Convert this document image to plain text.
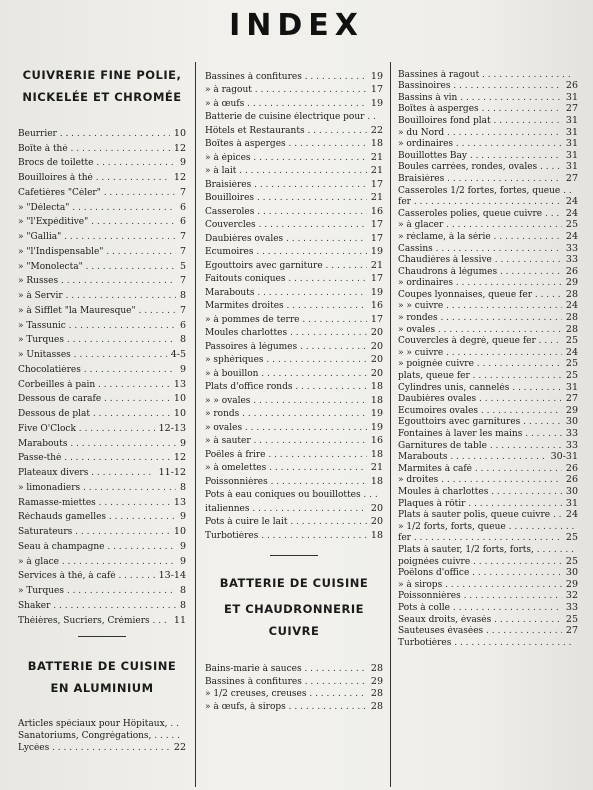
INDEX
CUIVRERIE FINE POLIE,
NICKELÉE ET CHROMÉE
Beurrier . . .	10
Boîte à thé . . .	12
Brocs de toilette . . .	9
Bouilloires à thé . . .	12
Cafetières "Céler" . . .	7
» "Délecta" . . .	6
» "l'Expéditive" . . .	6
» "Gallia" . . .	7
» "l'Indispensable" . . .	7
» "Monolecta" . . .	5
» Russes . . .	7
» à Servir . . .	8
» à Sifflet "la Mauresque" . . .	7
» Tassunic . . .	6
» Turques . . .	8
» Unitasses . . .	4-5
Chocolatières . . .	9
Corbeilles à pain . . .	13
Dessous de carafe . . .	10
Dessous de plat . . .	10
Five O'Clock . . .	12-13
Marabouts . . .	9
Passe-thé . . .	12
Plateaux divers . . .	11-12
» limonadiers . . .	8
Ramasse-miettes . . .	13
Réchauds gamelles . . .	9
Saturateurs . . .	10
Seau à champagne . . .	9
» à glace . . .	9
Services à thé, à café . . .	13-14
» Turques . . .	8
Shaker . . .	8
Théières, Sucriers, Crémiers . . .	11
BATTERIE DE CUISINE
EN ALUMINIUM
Articles spéciaux pour Hôpitaux, . . .
Sanatoriums, Congrégations, . . .
Lycées . . .	22
Bassines à confitures . . .	19
» à ragout . . .	17
» à œufs . . .	19
Batterie de cuisine électrique pour . . .
Hôtels et Restaurants . . .	22
Boîtes à asperges . . .	18
» à épices . . .	21
» à lait . . .	21
Braisières . . .	17
Bouilloires . . .	21
Casseroles . . .	16
Couvercles . . .	17
Daubières ovales . . .	17
Ecumoires . . .	19
Egouttoirs avec garniture . . .	21
Faitouts coniques . . .	17
Marabouts . . .	19
Marmites droites . . .	16
» à pommes de terre . . .	17
Moules charlottes . . .	20
Passoires à légumes . . .	20
» sphériques . . .	20
» à bouillon . . .	20
Plats d'office ronds . . .	18
» » ovales . . .	18
» ronds . . .	19
» ovales . . .	19
» à sauter . . .	16
Poêles à frire . . .	18
» à omelettes . . .	21
Poissonnières . . .	18
Pots à eau coniques ou bouillottes . . .
italiennes . . .	20
Pots à cuire le lait . . .	20
Turbotières . . .	18
BATTERIE DE CUISINE
ET CHAUDRONNERIE CUIVRE
Bains-marie à sauces . . .	28
Bassines à confitures . . .	29
» 1/2 creuses, creuses . . .	28
» à œufs, à sirops . . .	28
Bassines à ragout . . .
Bassinoires . . .	26
Bassins à vin . . .	31
Boîtes à asperges . . .	27
Bouilloires fond plat . . .	31
» du Nord . . .	31
» ordinaires . . .	31
Bouillottes Bay . . .	31
Boules carrées, rondes, ovales . . .	31
Braisières . . .	27
Casseroles 1/2 fortes, fortes, queue . . .
fer . . .	24
Casseroles polies, queue cuivre . . .	24
» à glacer . . .	25
» réclame, à la série . . .	24
Cassins . . .	33
Chaudières à lessive . . .	33
Chaudrons à légumes . . .	26
» ordinaires . . .	29
Coupes lyonnaises, queue fer . . .	28
» » cuivre . . .	24
» rondes . . .	28
» ovales . . .	28
Couvercles à degré, queue fer . . .	25
» » cuivre . . .	24
» poignée cuivre . . .	25
plats, queue fer . . .	25
Cylindres unis, cannelés . . .	31
Daubières ovales . . .	27
Ecumoires ovales . . .	29
Egouttoirs avec garnitures . . .	30
Fontaines à laver les mains . . .	33
Garnitures de table . . .	33
Marabouts . . .	30-31
Marmites à café . . .	26
» droites . . .	26
Moules à charlottes . . .	30
Plaques à rôtir . . .	31
Plats à sauter polis, queue cuivre . . .	24
» 1/2 forts, forts, queue . . .
fer . . .	25
Plats à sauter, 1/2 forts, forts, . . .
poignées cuivre . . .	25
Poêlons d'office . . .	30
» à sirops . . .	29
Poissonnières . . .	32
Pots à colle . . .	33
Seaux droits, évasés . . .	25
Sauteuses évasées . . .	27
Turbotières . . .
